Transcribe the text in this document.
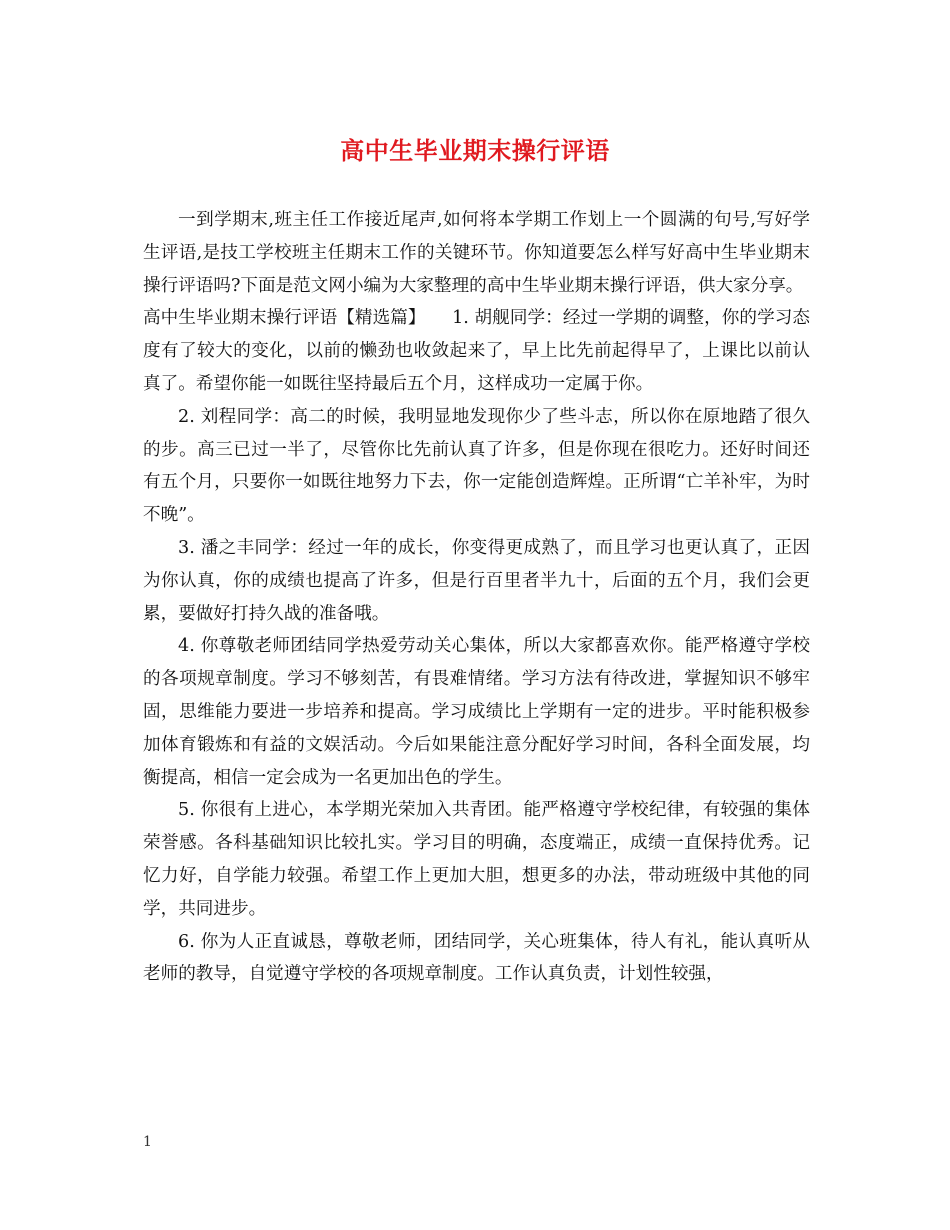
高中生毕业期末操行评语

一到学期末,班主任工作接近尾声,如何将本学期工作划上一个圆满的句号,写好学生评语,是技工学校班主任期末工作的关键环节。你知道要怎么样写好高中生毕业期末操行评语吗?下面是范文网小编为大家整理的高中生毕业期末操行评语，供大家分享。

高中生毕业期末操行评语【精选篇】　　1. 胡舰同学：经过一学期的调整，你的学习态度有了较大的变化，以前的懒劲也收敛起来了，早上比先前起得早了，上课比以前认真了。希望你能一如既往坚持最后五个月，这样成功一定属于你。

2. 刘程同学：高二的时候，我明显地发现你少了些斗志，所以你在原地踏了很久的步。高三已过一半了，尽管你比先前认真了许多，但是你现在很吃力。还好时间还有五个月，只要你一如既往地努力下去，你一定能创造辉煌。正所谓“亡羊补牢，为时不晚”。

3. 潘之丰同学：经过一年的成长，你变得更成熟了，而且学习也更认真了，正因为你认真，你的成绩也提高了许多，但是行百里者半九十，后面的五个月，我们会更累，要做好打持久战的准备哦。

4. 你尊敬老师团结同学热爱劳动关心集体，所以大家都喜欢你。能严格遵守学校的各项规章制度。学习不够刻苦，有畏难情绪。学习方法有待改进，掌握知识不够牢固，思维能力要进一步培养和提高。学习成绩比上学期有一定的进步。平时能积极参加体育锻炼和有益的文娱活动。今后如果能注意分配好学习时间，各科全面发展，均衡提高，相信一定会成为一名更加出色的学生。

5. 你很有上进心，本学期光荣加入共青团。能严格遵守学校纪律，有较强的集体荣誉感。各科基础知识比较扎实。学习目的明确，态度端正，成绩一直保持优秀。记忆力好，自学能力较强。希望工作上更加大胆，想更多的办法，带动班级中其他的同学，共同进步。

6. 你为人正直诚恳，尊敬老师，团结同学，关心班集体，待人有礼，能认真听从老师的教导，自觉遵守学校的各项规章制度。工作认真负责，计划性较强，

1
